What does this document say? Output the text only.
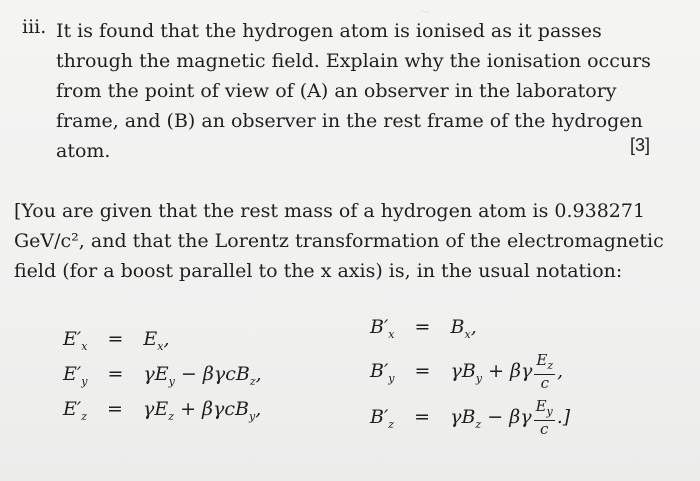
~
iii. It is found that the hydrogen atom is ionised as it passes through the magnetic field. Explain why the ionisation occurs from the point of view of (A) an observer in the laboratory frame, and (B) an observer in the rest frame of the hydrogen atom.	[3]
[You are given that the rest mass of a hydrogen atom is 0.938271 GeV/c², and that the Lorentz transformation of the electromagnetic field (for a boost parallel to the x axis) is, in the usual notation:
$E'_x = E_x$,
$E'_y = \gamma E_y - \beta\gamma cB_z$,
$E'_z = \gamma E_z + \beta\gamma cB_y$,
$B'_x = B_x$,
$B'_y = \gamma B_y + \beta\gamma \frac{E_z}{c}$ ,
$B'_z = \gamma B_z - \beta\gamma \frac{E_y}{c}$ .]
